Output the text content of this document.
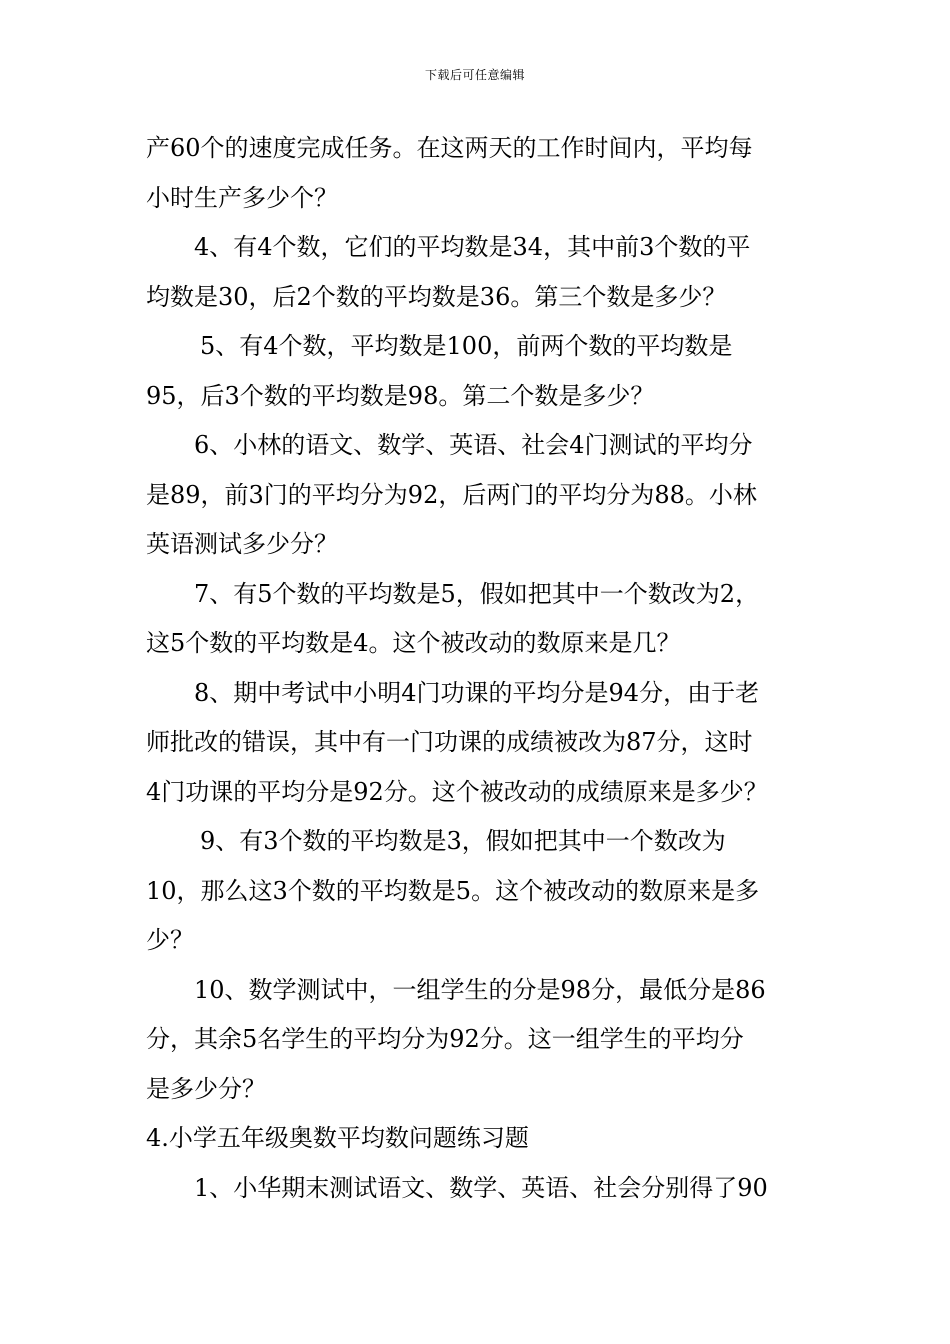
下载后可任意编辑
产60个的速度完成任务。在这两天的工作时间内，平均每
小时生产多少个？
4、有4个数，它们的平均数是34，其中前3个数的平
均数是30，后2个数的平均数是36。第三个数是多少？
5、有4个数，平均数是100，前两个数的平均数是
95，后3个数的平均数是98。第二个数是多少？
6、小林的语文、数学、英语、社会4门测试的平均分
是89，前3门的平均分为92，后两门的平均分为88。小林
英语测试多少分？
7、有5个数的平均数是5，假如把其中一个数改为2，
这5个数的平均数是4。这个被改动的数原来是几？
8、期中考试中小明4门功课的平均分是94分，由于老
师批改的错误，其中有一门功课的成绩被改为87分，这时
4门功课的平均分是92分。这个被改动的成绩原来是多少？
9、有3个数的平均数是3，假如把其中一个数改为
10，那么这3个数的平均数是5。这个被改动的数原来是多
少？
10、数学测试中，一组学生的分是98分，最低分是86
分，其余5名学生的平均分为92分。这一组学生的平均分
是多少分？
4.小学五年级奥数平均数问题练习题
1、小华期末测试语文、数学、英语、社会分别得了90
